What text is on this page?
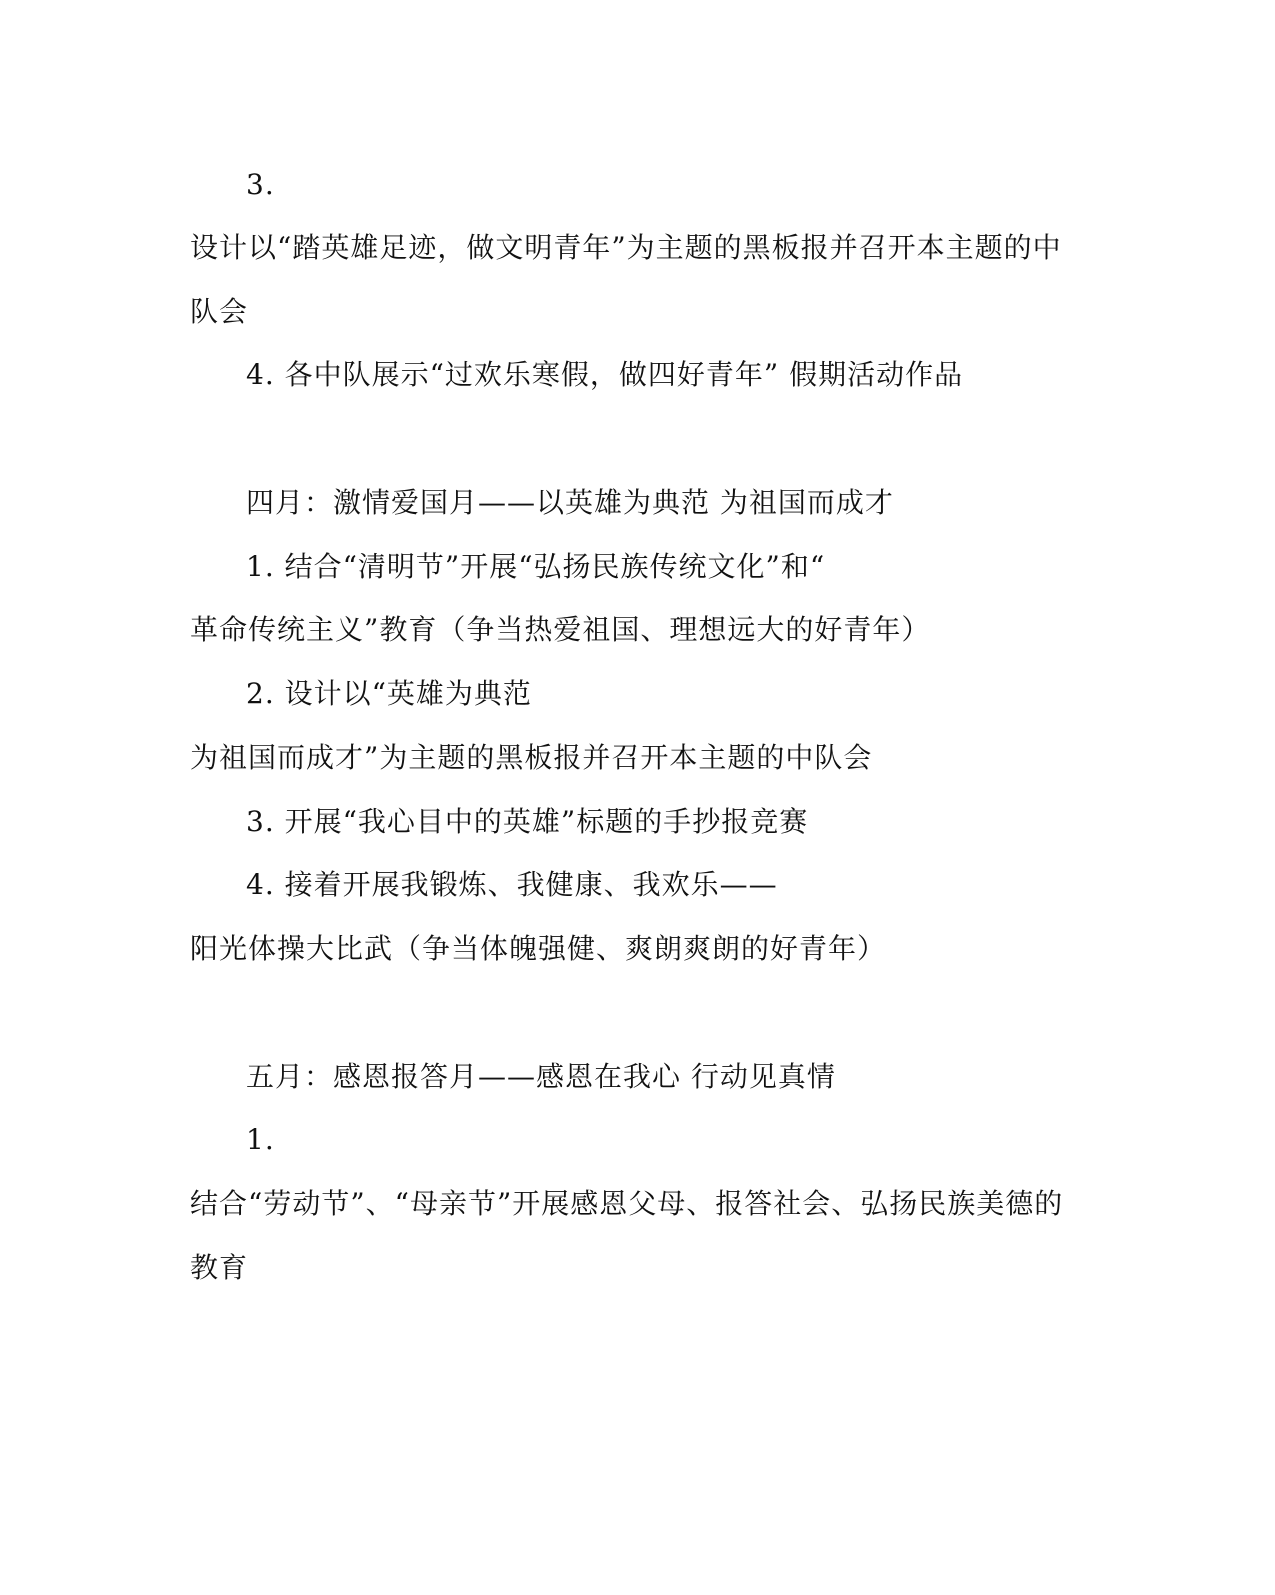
3.
设计以“踏英雄足迹，做文明青年”为主题的黑板报并召开本主题的中
队会
4. 各中队展示“过欢乐寒假，做四好青年” 假期活动作品
四月：激情爱国月——以英雄为典范 为祖国而成才
1. 结合“清明节”开展“弘扬民族传统文化”和“
革命传统主义”教育（争当热爱祖国、理想远大的好青年）
2. 设计以“英雄为典范
为祖国而成才”为主题的黑板报并召开本主题的中队会
3. 开展“我心目中的英雄”标题的手抄报竞赛
4. 接着开展我锻炼、我健康、我欢乐——
阳光体操大比武（争当体魄强健、爽朗爽朗的好青年）
五月：感恩报答月——感恩在我心 行动见真情
1.
结合“劳动节”、“母亲节”开展感恩父母、报答社会、弘扬民族美德的
教育
